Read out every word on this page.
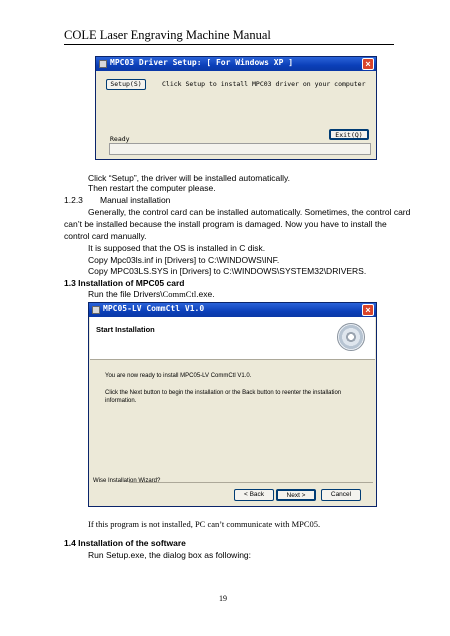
COLE Laser Engraving Machine Manual
MPC03 Driver Setup: [ For Windows XP ]	×
Setup(S)	Click Setup to install MPC03 driver on your computer
Ready	Exit(Q)
Click “Setup”, the driver will be installed automatically.
Then restart the computer please.
1.2.3 Manual installation
Generally, the control card can be installed automatically. Sometimes, the control card
can’t be installed because the install program is damaged. Now you have to install the
control card manually.
It is supposed that the OS is installed in C disk.
Copy Mpc03ls.inf in [Drivers] to C:\WINDOWS\INF.
Copy MPC03LS.SYS in [Drivers] to C:\WINDOWS\SYSTEM32\DRIVERS.
1.3 Installation of MPC05 card
Run the file Drivers\CommCtl.exe.
MPC05-LV CommCtl V1.0	×
Start Installation
You are now ready to install MPC05-LV CommCtl V1.0.
Click the Next button to begin the installation or the Back button to reenter the installation
information.
Wise Installation Wizard?
< Back	Next >	Cancel
If this program is not installed, PC can’t communicate with MPC05.
1.4 Installation of the software
Run Setup.exe, the dialog box as following:
19
